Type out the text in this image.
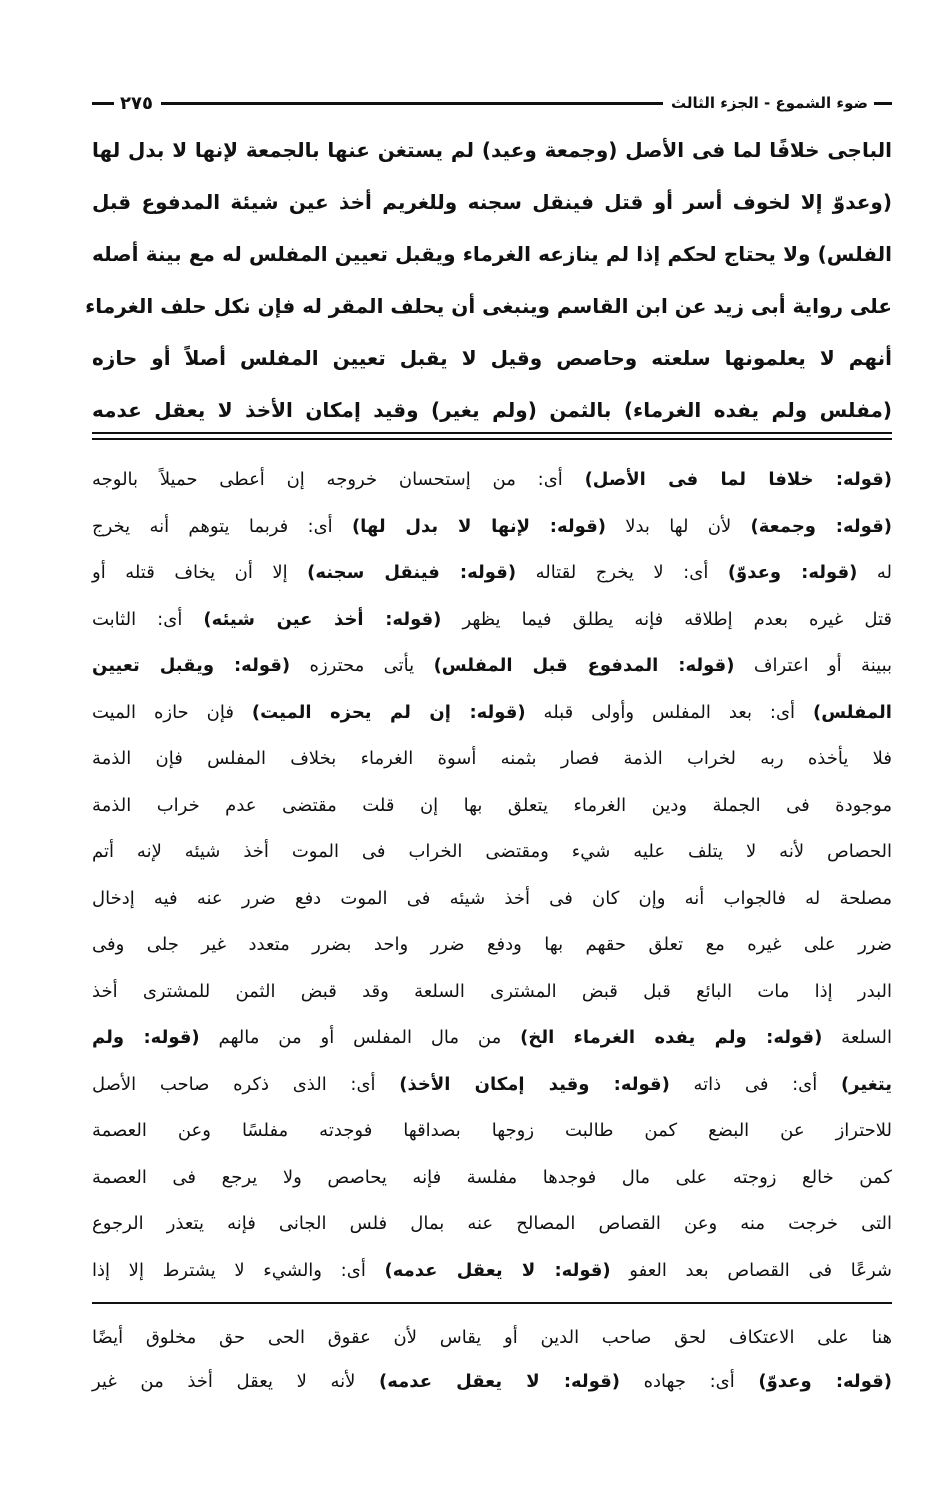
ضوء الشموع - الجزء الثالث
٢٧٥
الباجى خلافًا لما فى الأصل (وجمعة وعيد) لم يستغن عنها بالجمعة لإنها لا بدل لها
(وعدوّ إلا لخوف أسر أو قتل فينقل سجنه وللغريم أخذ عين شيئة المدفوع قبل
الفلس) ولا يحتاج لحكم إذا لم ينازعه الغرماء ويقبل تعيين المفلس له مع بينة أصله
على رواية أبى زيد عن ابن القاسم وينبغى أن يحلف المقر له فإن نكل حلف الغرماء
أنهم لا يعلمونها سلعته وحاصص وقيل لا يقبل تعيين المفلس أصلاً أو حازه
(مفلس ولم يفده الغرماء) بالثمن (ولم يغير) وقيد إمكان الأخذ لا يعقل عدمه
(قوله: خلافا لما فى الأصل) أى: من إستحسان خروجه إن أعطى حميلاً بالوجه
(قوله: وجمعة) لأن لها بدلا (قوله: لإنها لا بدل لها) أى: فربما يتوهم أنه يخرج
له (قوله: وعدوّ) أى: لا يخرج لقتاله (قوله: فينقل سجنه) إلا أن يخاف قتله أو
قتل غيره بعدم إطلاقه فإنه يطلق فيما يظهر (قوله: أخذ عين شيئه) أى: الثابت
ببينة أو اعتراف (قوله: المدفوع قبل المفلس) يأتى محترزه (قوله: ويقبل تعيين
المفلس) أى: بعد المفلس وأولى قبله (قوله: إن لم يحزه الميت) فإن حازه الميت
فلا يأخذه ربه لخراب الذمة فصار بثمنه أسوة الغرماء بخلاف المفلس فإن الذمة
موجودة فى الجملة ودين الغرماء يتعلق بها إن قلت مقتضى عدم خراب الذمة
الحصاص لأنه لا يتلف عليه شيء ومقتضى الخراب فى الموت أخذ شيئه لإنه أتم
مصلحة له فالجواب أنه وإن كان فى أخذ شيئه فى الموت دفع ضرر عنه فيه إدخال
ضرر على غيره مع تعلق حقهم بها ودفع ضرر واحد بضرر متعدد غير جلى وفى
البدر إذا مات البائع قبل قبض المشترى السلعة وقد قبض الثمن للمشترى أخذ
السلعة (قوله: ولم يفده الغرماء الخ) من مال المفلس أو من مالهم (قوله: ولم
يتغير) أى: فى ذاته (قوله: وقيد إمكان الأخذ) أى: الذى ذكره صاحب الأصل
للاحتراز عن البضع كمن طالبت زوجها بصداقها فوجدته مفلسًا وعن العصمة
كمن خالع زوجته على مال فوجدها مفلسة فإنه يحاصص ولا يرجع فى العصمة
التى خرجت منه وعن القصاص المصالح عنه بمال فلس الجانى فإنه يتعذر الرجوع
شرعًا فى القصاص بعد العفو (قوله: لا يعقل عدمه) أى: والشيء لا يشترط إلا إذا
هنا على الاعتكاف لحق صاحب الدين أو يقاس لأن عقوق الحى حق مخلوق أيضًا
(قوله: وعدوّ) أى: جهاده (قوله: لا يعقل عدمه) لأنه لا يعقل أخذ من غير
